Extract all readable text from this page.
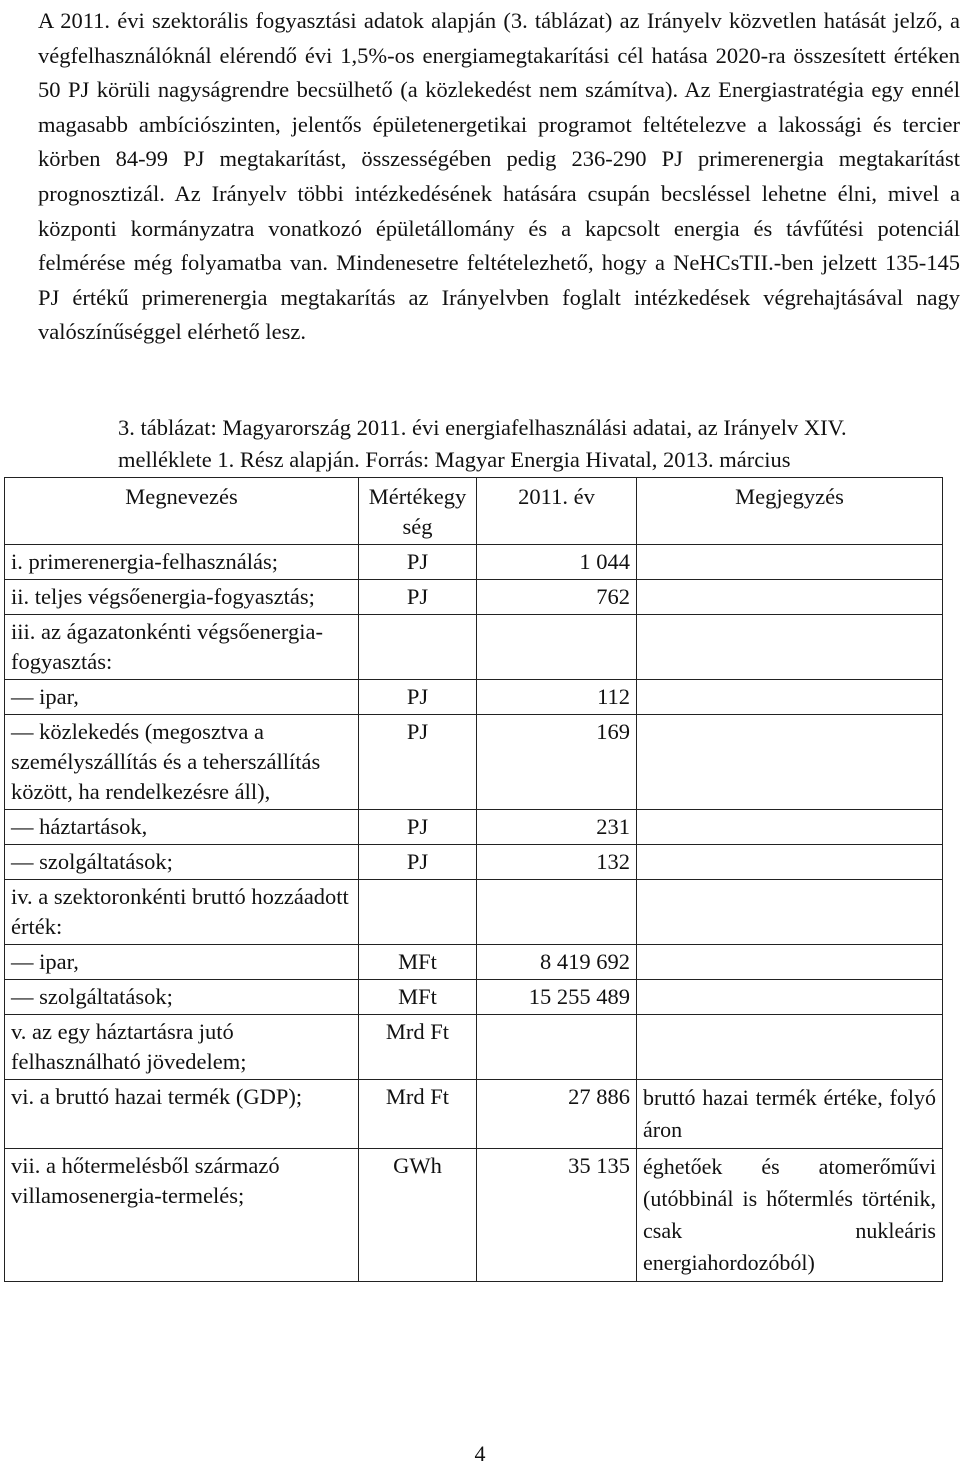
A 2011. évi szektorális fogyasztási adatok alapján (3. táblázat) az Irányelv közvetlen hatását jelző, a végfelhasználóknál elérendő évi 1,5%-os energiamegtakarítási cél hatása 2020-ra összesített értéken 50 PJ körüli nagyságrendre becsülhető (a közlekedést nem számítva). Az Energiastratégia egy ennél magasabb ambíciószinten, jelentős épületenergetikai programot feltételezve a lakossági és tercier körben 84-99 PJ megtakarítást, összességében pedig 236-290 PJ primerenergia megtakarítást prognosztizál. Az Irányelv többi intézkedésének hatására csupán becsléssel lehetne élni, mivel a központi kormányzatra vonatkozó épületállomány és a kapcsolt energia és távfűtési potenciál felmérése még folyamatba van. Mindenesetre feltételezhető, hogy a NeHCsTII.-ben jelzett 135-145 PJ értékű primerenergia megtakarítás az Irányelvben foglalt intézkedések végrehajtásával nagy valószínűséggel elérhető lesz.

3. táblázat: Magyarország 2011. évi energiafelhasználási adatai, az Irányelv XIV.

melléklete 1. Rész alapján. Forrás: Magyar Energia Hivatal, 2013. március
Megnevezés	Mértékegység	2011. év	Megjegyzés
i. primerenergia-felhasználás;	PJ	1 044	
ii. teljes végsőenergia-fogyasztás;	PJ	762	
iii. az ágazatonkénti végsőenergia-fogyasztás:			
— ipar,	PJ	112	
— közlekedés (megosztva a személyszállítás és a teherszállítás között, ha rendelkezésre áll),	PJ	169	
— háztartások,	PJ	231	
— szolgáltatások;	PJ	132	
iv. a szektoronkénti bruttó hozzáadott érték:			
— ipar,	MFt	8 419 692	
— szolgáltatások;	MFt	15 255 489	
v. az egy háztartásra jutó felhasználható jövedelem;	Mrd Ft		
vi. a bruttó hazai termék (GDP);	Mrd Ft	27 886	bruttó hazai termék értéke, folyó áron
vii. a hőtermelésből származó villamosenergia-termelés;	GWh	35 135	éghetőek és atomerőművi (utóbbinál is hőtermlés történik, csak nukleáris energiahordozóból)
4
